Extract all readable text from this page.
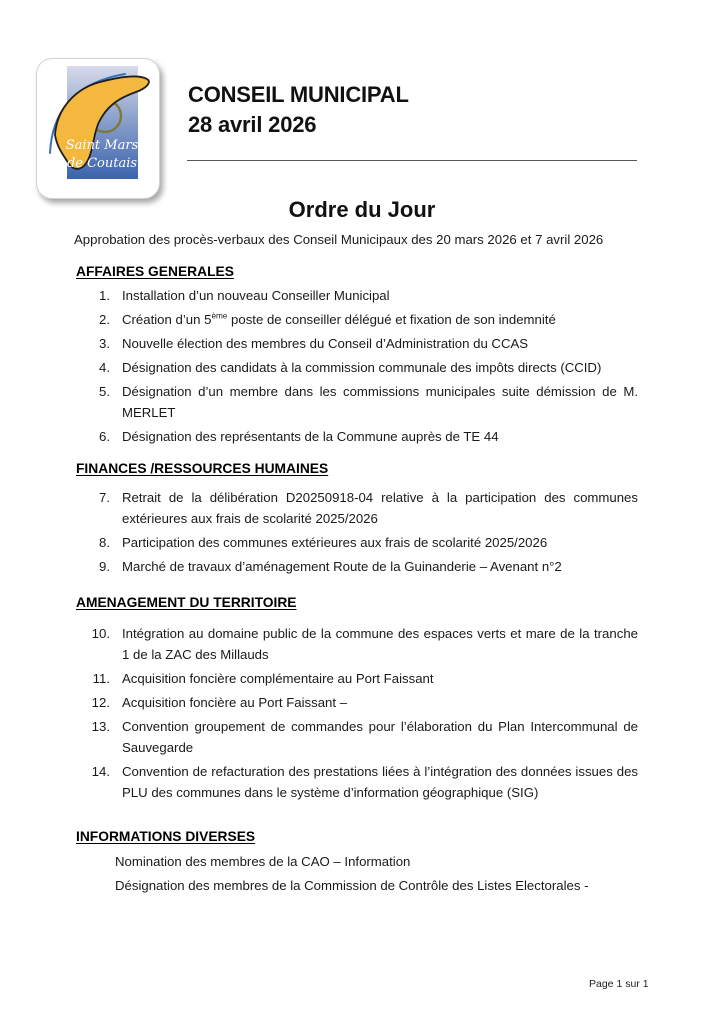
Saint Mars
de Coutais
CONSEIL MUNICIPAL
28 avril 2026
Ordre du Jour
Approbation des procès-verbaux des Conseil Municipaux des 20 mars 2026 et 7 avril 2026
AFFAIRES GENERALES
1. Installation d’un nouveau Conseiller Municipal
2. Création d’un 5ème poste de conseiller délégué et fixation de son indemnité
3. Nouvelle élection des membres du Conseil d’Administration du CCAS
4. Désignation des candidats à la commission communale des impôts directs (CCID)
5. Désignation d’un membre dans les commissions municipales suite démission de M. MERLET
6. Désignation des représentants de la Commune auprès de TE 44
FINANCES /RESSOURCES HUMAINES
7. Retrait de la délibération D20250918-04 relative à la participation des communes extérieures aux frais de scolarité 2025/2026
8. Participation des communes extérieures aux frais de scolarité 2025/2026
9. Marché de travaux d’aménagement Route de la Guinanderie – Avenant n°2
AMENAGEMENT DU TERRITOIRE
10. Intégration au domaine public de la commune des espaces verts et mare de la tranche 1 de la ZAC des Millauds
11. Acquisition foncière complémentaire au Port Faissant
12. Acquisition foncière au Port Faissant –
13. Convention groupement de commandes pour l’élaboration du Plan Intercommunal de Sauvegarde
14. Convention de refacturation des prestations liées à l’intégration des données issues des PLU des communes dans le système d’information géographique (SIG)
INFORMATIONS DIVERSES
Nomination des membres de la CAO – Information
Désignation des membres de la Commission de Contrôle des Listes Electorales -
Page 1 sur 1
